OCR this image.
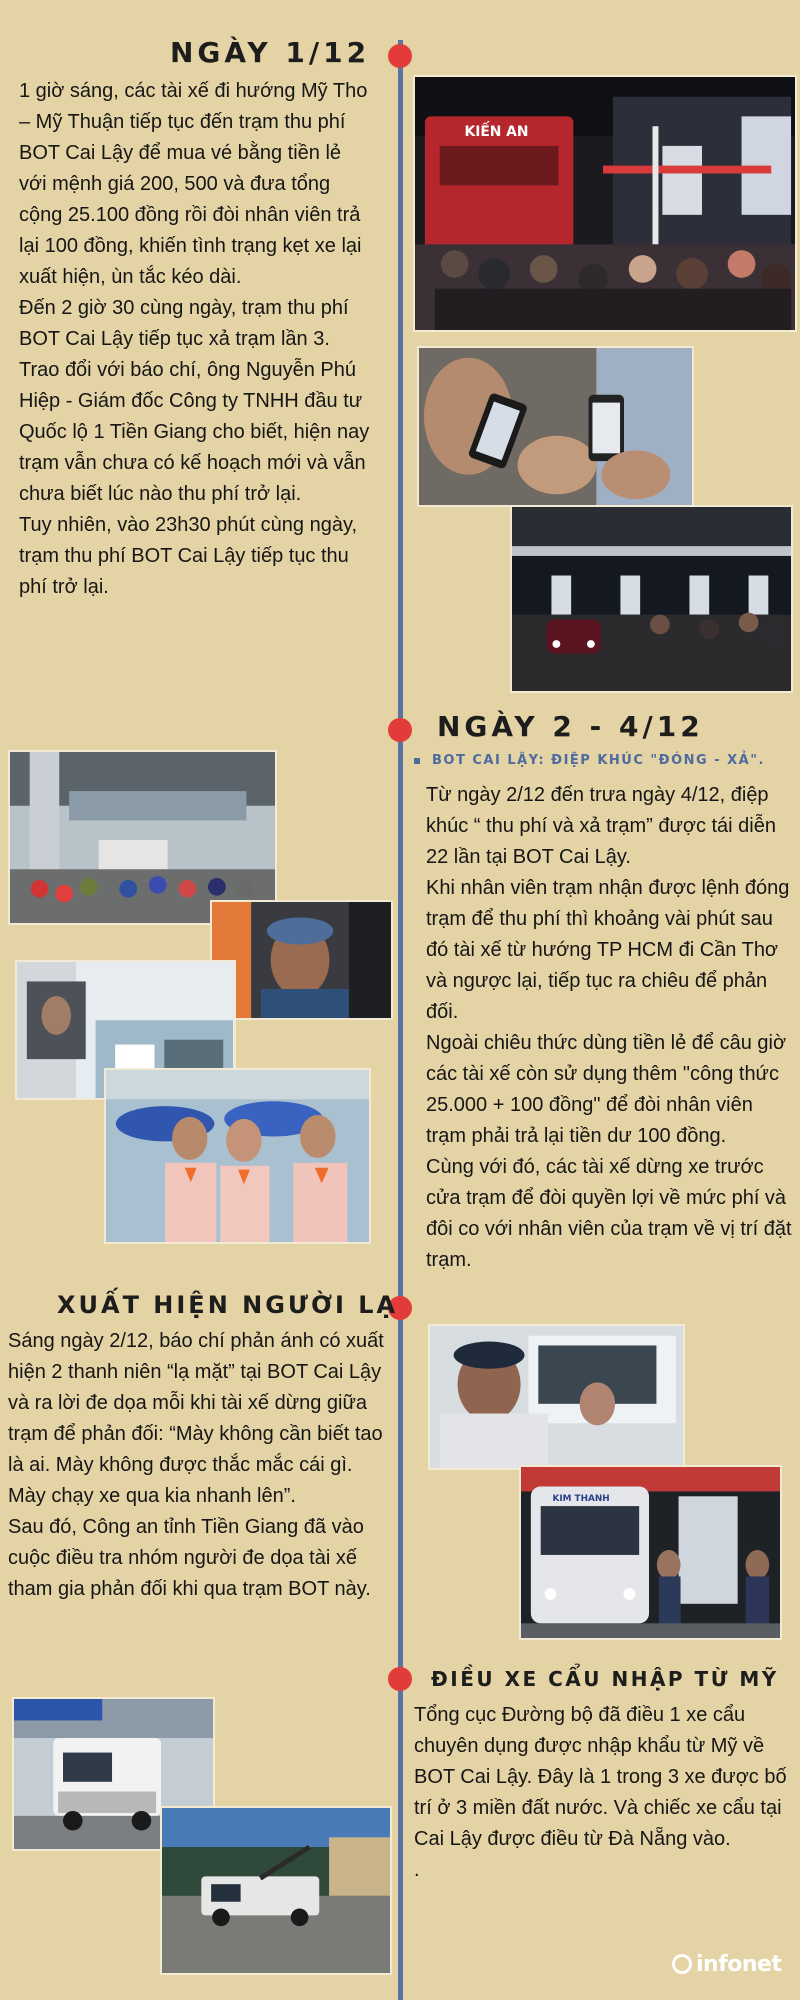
NGÀY 1/12

1 giờ sáng, các tài xế đi hướng Mỹ Tho – Mỹ Thuận tiếp tục đến trạm thu phí BOT Cai Lậy để mua vé bằng tiền lẻ với mệnh giá 200, 500 và đưa tổng cộng 25.100 đồng rồi đòi nhân viên trả lại 100 đồng, khiến tình trạng kẹt xe lại xuất hiện, ùn tắc kéo dài.

Đến 2 giờ 30 cùng ngày, trạm thu phí BOT Cai Lậy tiếp tục xả trạm lần 3. Trao đổi với báo chí, ông Nguyễn Phú Hiệp - Giám đốc Công ty TNHH đầu tư Quốc lộ 1 Tiền Giang cho biết, hiện nay trạm vẫn chưa có kế hoạch mới và vẫn chưa biết lúc nào thu phí trở lại.

Tuy nhiên, vào 23h30 phút cùng ngày, trạm thu phí BOT Cai Lậy tiếp tục thu phí trở lại.

KIẾN AN
NGÀY 2 - 4/12
BOT CAI LẬY: ĐIỆP KHÚC "ĐÓNG - XẢ".

Từ ngày 2/12 đến trưa ngày 4/12, điệp khúc “ thu phí và xả trạm” được tái diễn 22 lần tại BOT Cai Lậy.

Khi nhân viên trạm nhận được lệnh đóng trạm để thu phí thì khoảng vài phút sau đó tài xế từ hướng TP HCM đi Cần Thơ và ngược lại, tiếp tục ra chiêu để phản đối.

Ngoài chiêu thức dùng tiền lẻ để câu giờ các tài xế còn sử dụng thêm "công thức 25.000 + 100 đồng" để đòi nhân viên trạm phải trả lại tiền dư 100 đồng.

Cùng với đó, các tài xế dừng xe trước cửa trạm để đòi quyền lợi về mức phí và đôi co với nhân viên của trạm về vị trí đặt trạm.

XUẤT HIỆN NGƯỜI LẠ

Sáng ngày 2/12, báo chí phản ánh có xuất hiện 2 thanh niên “lạ mặt” tại BOT Cai Lậy và ra lời đe dọa mỗi khi tài xế dừng giữa trạm để phản đối: “Mày không cần biết tao là ai. Mày không được thắc mắc cái gì. Mày chạy xe qua kia nhanh lên”.

Sau đó, Công an tỉnh Tiền Giang đã vào cuộc điều tra nhóm người đe dọa tài xế tham gia phản đối khi qua trạm BOT này.

KIM THANH
ĐIỀU XE CẨU NHẬP TỪ MỸ

Tổng cục Đường bộ đã điều 1 xe cẩu chuyên dụng được nhập khẩu từ Mỹ về BOT Cai Lậy. Đây là 1 trong 3 xe được bố trí ở 3 miền đất nước. Và chiếc xe cẩu tại Cai Lậy được điều từ Đà Nẵng vào.

.

infonet
